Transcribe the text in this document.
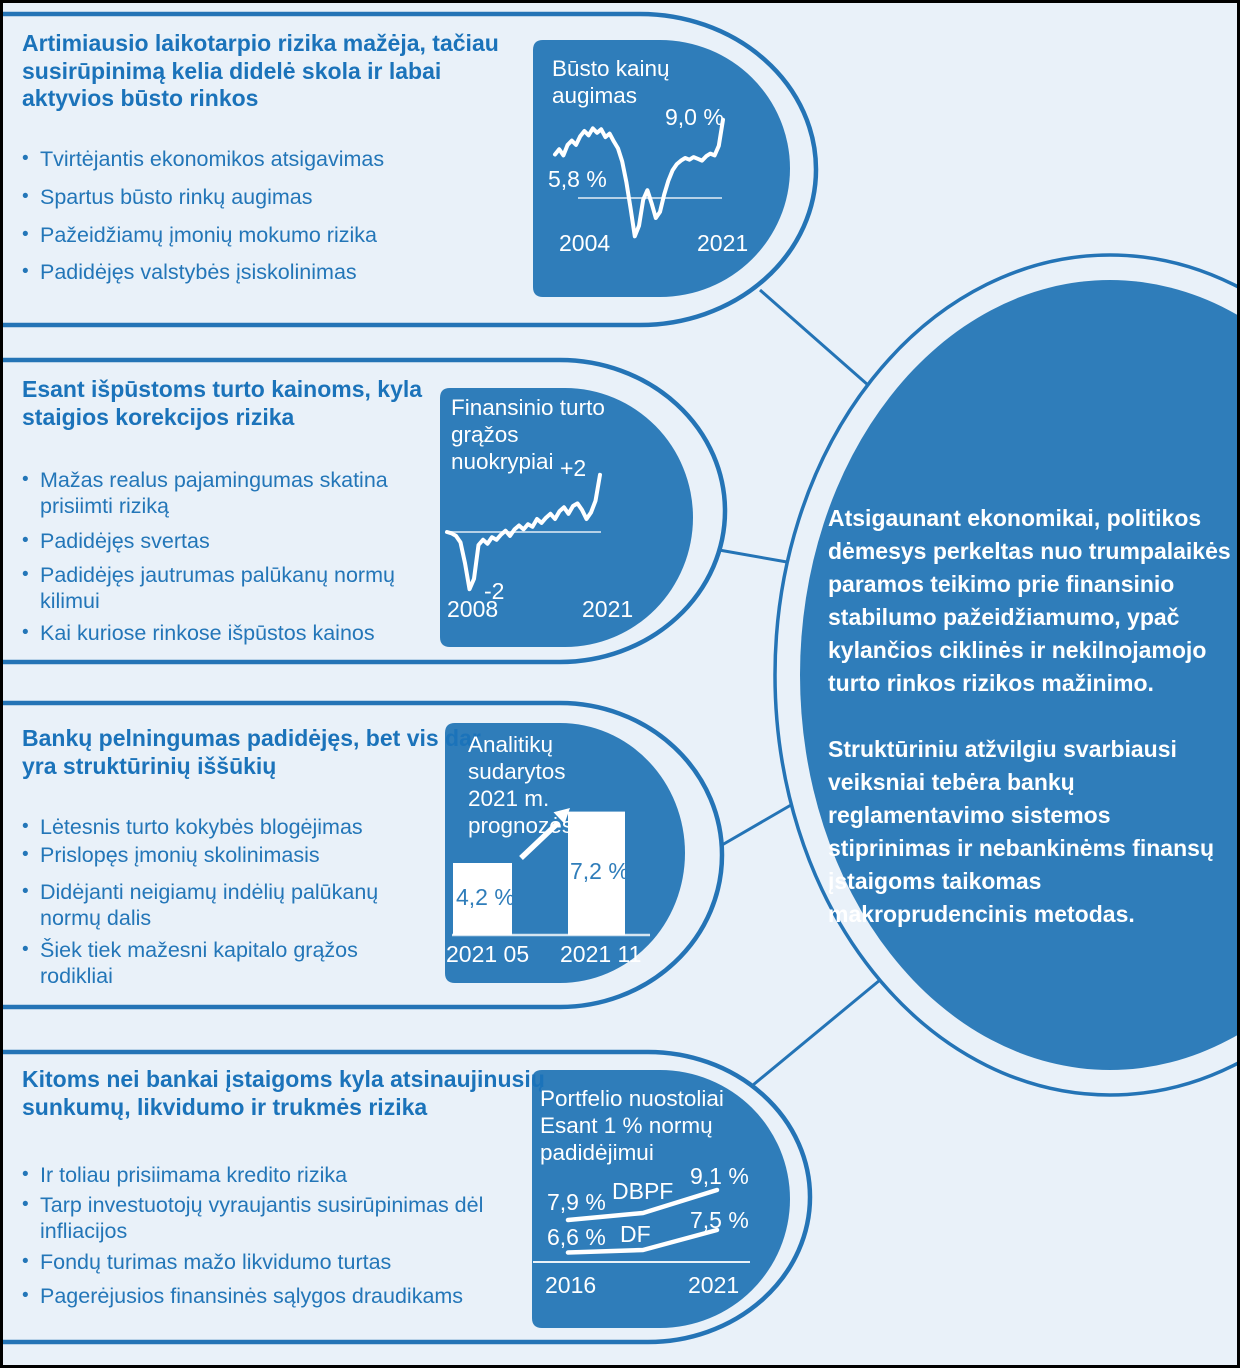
Artimiausio laikotarpio rizika mažėja, tačiau susirūpinimą kelia didelė skola ir labai aktyvios būsto rinkos
• Tvirtėjantis ekonomikos atsigavimas
• Spartus būsto rinkų augimas
• Pažeidžiamų įmonių mokumo rizika
• Padidėjęs valstybės įsiskolinimas
Esant išpūstoms turto kainoms, kyla staigios korekcijos rizika
• Mažas realus pajamingumas skatina prisiimti riziką
• Padidėjęs svertas
• Padidėjęs jautrumas palūkanų normų kilimui
• Kai kuriose rinkose išpūstos kainos
Bankų pelningumas padidėjęs, bet vis dar yra struktūrinių iššūkių
• Lėtesnis turto kokybės blogėjimas
• Prislopęs įmonių skolinimasis
• Didėjanti neigiamų indėlių palūkanų normų dalis
• Šiek tiek mažesni kapitalo grąžos rodikliai
Kitoms nei bankai įstaigoms kyla atsinaujinusių sunkumų, likvidumo ir trukmės rizika
• Ir toliau prisiimama kredito rizika
• Tarp investuotojų vyraujantis susirūpinimas dėl infliacijos
• Fondų turimas mažo likvidumo turtas
• Pagerėjusios finansinės sąlygos draudikams
Būsto kainų augimas
9,0 %
5,8 %
2004	2021
Finansinio turto grąžos nuokrypiai +2
-2
2008	2021
Analitikų sudarytos 2021 m. prognozės
4,2 %
7,2 %
2021 05 2021 11
Portfelio nuostoliai Esant 1 % normų padidėjimui
9,1 %
7,9 % DBPF
7,5 %
6,6 % DF
2016	2021

Atsigaunant ekonomikai, politikos dėmesys perkeltas nuo trumpalaikės paramos teikimo prie finansinio stabilumo pažeidžiamumo, ypač kylančios ciklinės ir nekilnojamojo turto rinkos rizikos mažinimo.

Struktūriniu atžvilgiu svarbiausi veiksniai tebėra bankų reglamentavimo sistemos stiprinimas ir nebankinėms finansų įstaigoms taikomas makroprudencinis metodas.
